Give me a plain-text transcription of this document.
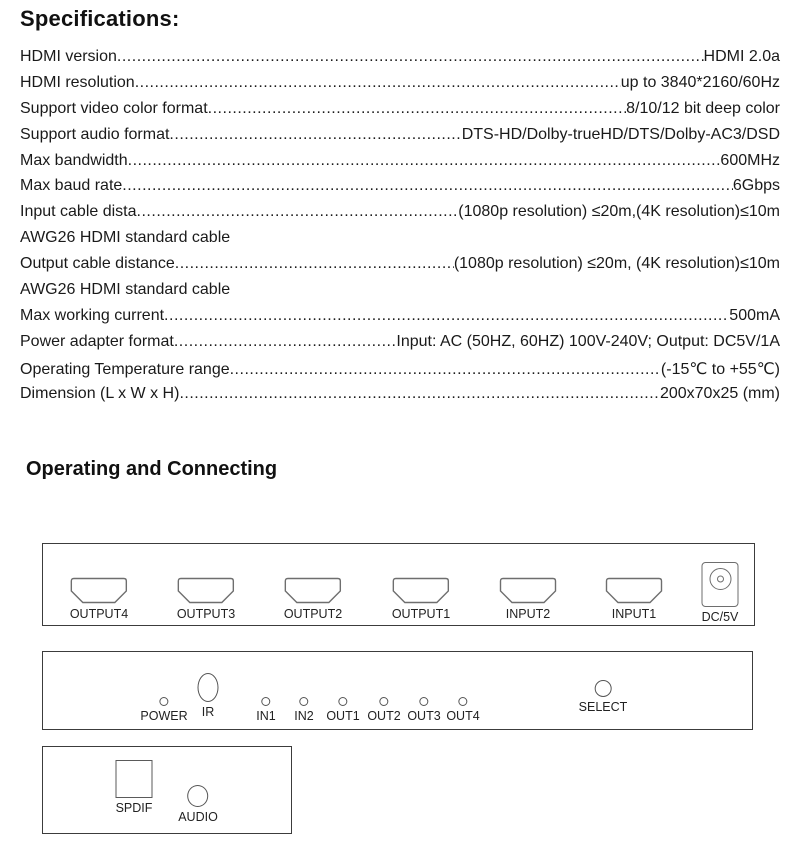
Specifications:
HDMI version .....	HDMI 2.0a
HDMI resolution .....	up to 3840*2160/60Hz
Support video color format .....	8/10/12 bit deep color
Support audio format .....	DTS-HD/Dolby-trueHD/DTS/Dolby-AC3/DSD
Max bandwidth .....	600MHz
Max baud rate .....	6Gbps
Input cable dista .....	(1080p resolution) ≤20m,(4K resolution)≤10m
AWG26 HDMI standard cable
Output cable distance .....	(1080p resolution) ≤20m, (4K resolution)≤10m
AWG26 HDMI standard cable
Max working current .....	500mA
Power adapter format .....	Input: AC (50HZ, 60HZ) 100V-240V; Output: DC5V/1A
Operating Temperature range .....	(-15℃ to +55℃)
Dimension (L x W x H) .....	200x70x25 (mm)
Operating and Connecting
OUTPUT4	OUTPUT3	OUTPUT2	OUTPUT1	INPUT2	INPUT1	DC/5V
POWER IR	IN1 IN2 OUT1 OUT2 OUT3 OUT4
SELECT
SPDIF
AUDIO
